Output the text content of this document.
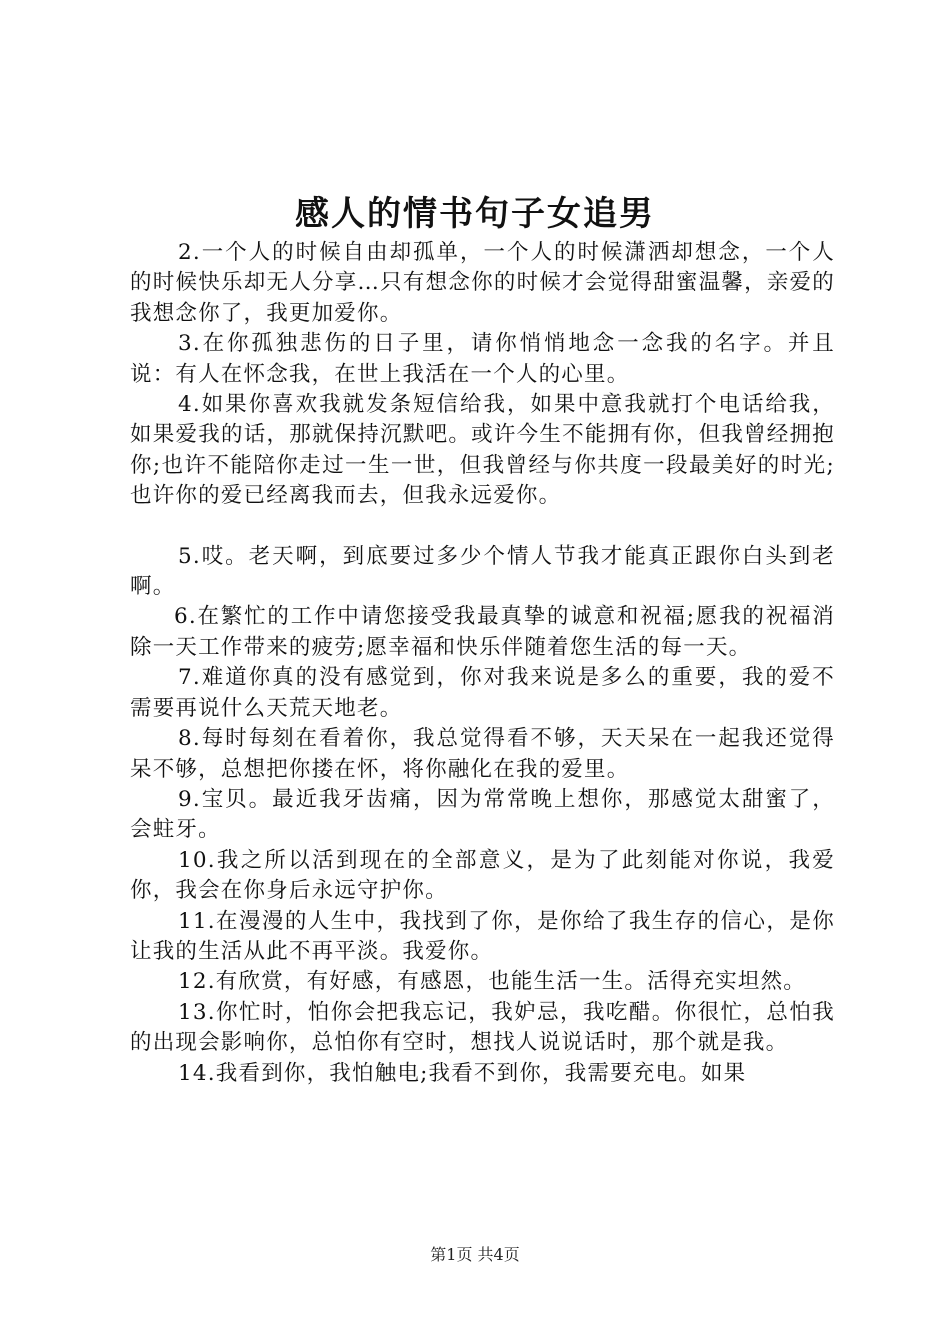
感人的情书句子女追男

2.一个人的时候自由却孤单，一个人的时候潇洒却想念，一个人的时候快乐却无人分享…只有想念你的时候才会觉得甜蜜温馨，亲爱的我想念你了，我更加爱你。

3.在你孤独悲伤的日子里，请你悄悄地念一念我的名字。并且说：有人在怀念我，在世上我活在一个人的心里。

4.如果你喜欢我就发条短信给我，如果中意我就打个电话给我，如果爱我的话，那就保持沉默吧。或许今生不能拥有你，但我曾经拥抱你;也许不能陪你走过一生一世，但我曾经与你共度一段最美好的时光;也许你的爱已经离我而去，但我永远爱你。

5.哎。老天啊，到底要过多少个情人节我才能真正跟你白头到老啊。

6.在繁忙的工作中请您接受我最真挚的诚意和祝福;愿我的祝福消除一天工作带来的疲劳;愿幸福和快乐伴随着您生活的每一天。

7.难道你真的没有感觉到，你对我来说是多么的重要，我的爱不需要再说什么天荒天地老。

8.每时每刻在看着你，我总觉得看不够，天天呆在一起我还觉得呆不够，总想把你搂在怀，将你融化在我的爱里。

9.宝贝。最近我牙齿痛，因为常常晚上想你，那感觉太甜蜜了，会蛀牙。

10.我之所以活到现在的全部意义，是为了此刻能对你说，我爱你，我会在你身后永远守护你。

11.在漫漫的人生中，我找到了你，是你给了我生存的信心，是你让我的生活从此不再平淡。我爱你。

12.有欣赏，有好感，有感恩，也能生活一生。活得充实坦然。

13.你忙时，怕你会把我忘记，我妒忌，我吃醋。你很忙，总怕我的出现会影响你，总怕你有空时，想找人说说话时，那个就是我。

14.我看到你，我怕触电;我看不到你，我需要充电。如果

第1页 共4页
